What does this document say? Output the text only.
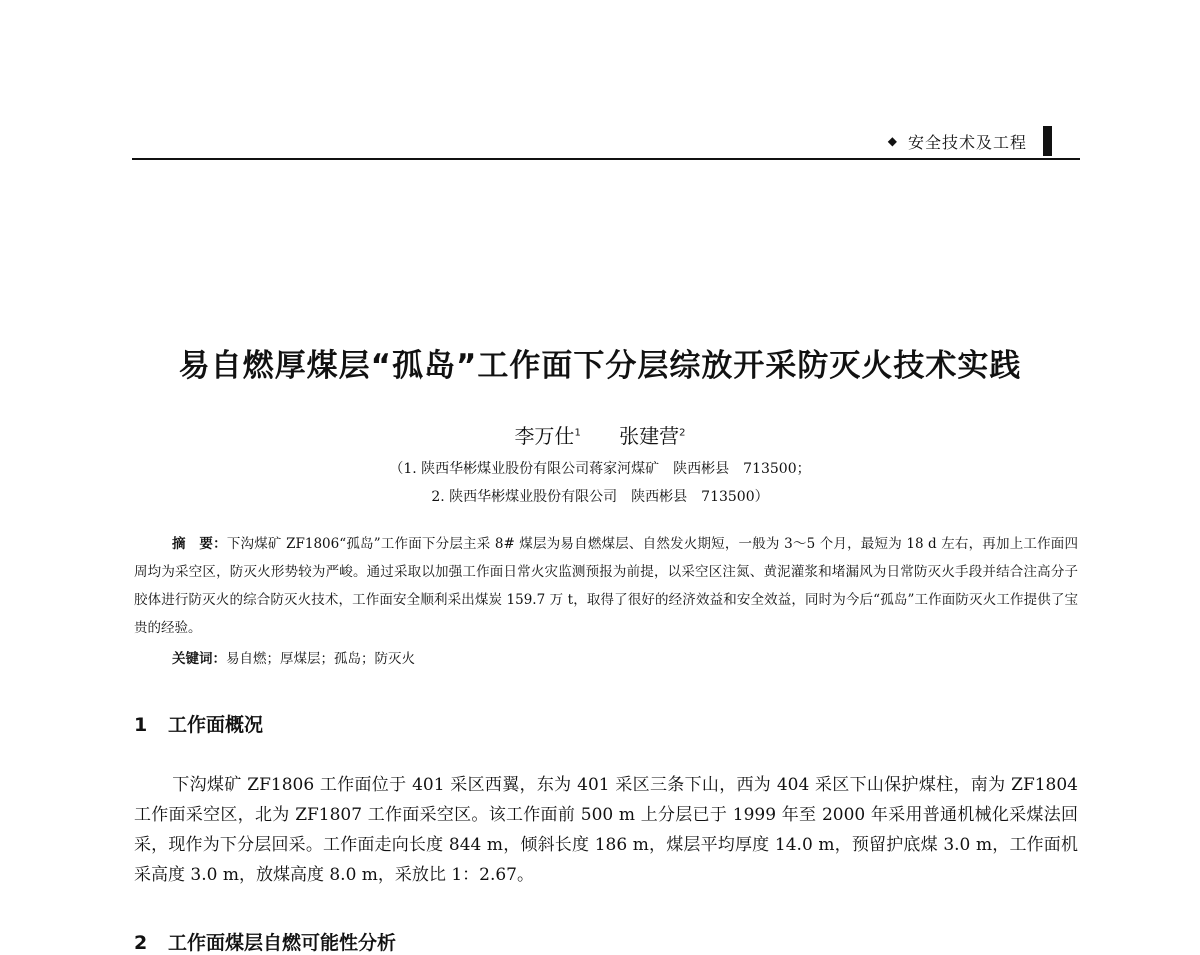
◆ 安全技术及工程
易自燃厚煤层“孤岛”工作面下分层综放开采防灭火技术实践
李万仕$^1$ 张建营$^2$
（1. 陕西华彬煤业股份有限公司蒋家河煤矿　陕西彬县　713500；
2. 陕西华彬煤业股份有限公司　陕西彬县　713500）
摘　要：下沟煤矿 ZF1806“孤岛”工作面下分层主采 8# 煤层为易自燃煤层、自然发火期短，一般为 3～5 个月，最短为 18 d 左右，再加上工作面四周均为采空区，防灭火形势较为严峻。通过采取以加强工作面日常火灾监测预报为前提，以采空区注氮、黄泥灌浆和堵漏风为日常防灭火手段并结合注高分子胶体进行防灭火的综合防灭火技术，工作面安全顺利采出煤炭 159.7 万 t，取得了很好的经济效益和安全效益，同时为今后“孤岛”工作面防灭火工作提供了宝贵的经验。
关键词：易自燃；厚煤层；孤岛；防灭火
1 工作面概况
下沟煤矿 ZF1806 工作面位于 401 采区西翼，东为 401 采区三条下山，西为 404 采区下山保护煤柱，南为 ZF1804 工作面采空区，北为 ZF1807 工作面采空区。该工作面前 500 m 上分层已于 1999 年至 2000 年采用普通机械化采煤法回采，现作为下分层回采。工作面走向长度 844 m，倾斜长度 186 m，煤层平均厚度 14.0 m，预留护底煤 3.0 m，工作面机采高度 3.0 m，放煤高度 8.0 m，采放比 1：2.67。
2 工作面煤层自燃可能性分析
